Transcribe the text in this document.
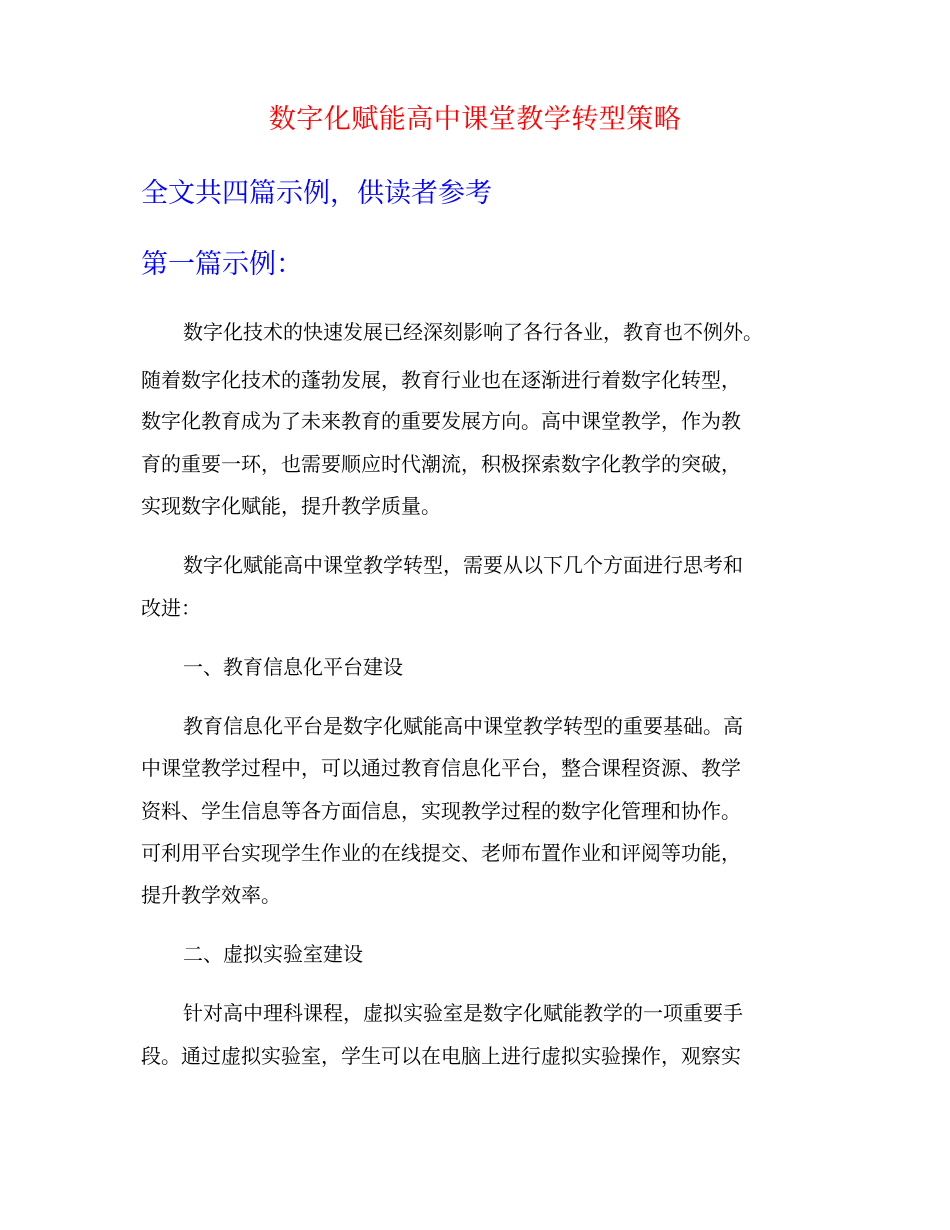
数字化赋能高中课堂教学转型策略
全文共四篇示例，供读者参考
第一篇示例：
数字化技术的快速发展已经深刻影响了各行各业，教育也不例外。
随着数字化技术的蓬勃发展，教育行业也在逐渐进行着数字化转型，
数字化教育成为了未来教育的重要发展方向。高中课堂教学，作为教
育的重要一环，也需要顺应时代潮流，积极探索数字化教学的突破，
实现数字化赋能，提升教学质量。
数字化赋能高中课堂教学转型，需要从以下几个方面进行思考和
改进：
一、教育信息化平台建设
教育信息化平台是数字化赋能高中课堂教学转型的重要基础。高
中课堂教学过程中，可以通过教育信息化平台，整合课程资源、教学
资料、学生信息等各方面信息，实现教学过程的数字化管理和协作。
可利用平台实现学生作业的在线提交、老师布置作业和评阅等功能，
提升教学效率。
二、虚拟实验室建设
针对高中理科课程，虚拟实验室是数字化赋能教学的一项重要手
段。通过虚拟实验室，学生可以在电脑上进行虚拟实验操作，观察实
